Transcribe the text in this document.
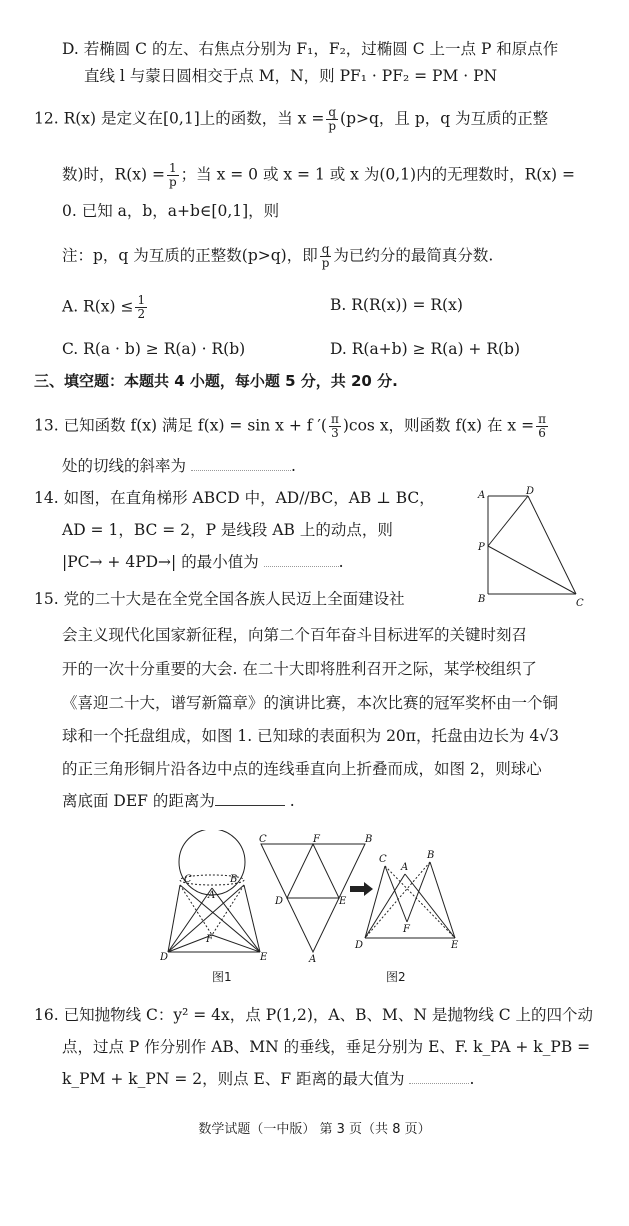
D. 若椭圆 C 的左、右焦点分别为 F₁，F₂，过椭圆 C 上一点 P 和原点作
直线 l 与蒙日圆相交于点 M，N，则 PF₁ · PF₂ = PM · PN
12. R(x) 是定义在[0,1]上的函数，当 $x = \frac{q}{p} (p>q$，且 p，q 为互质的正整
数)时，$R(x) = \frac{1}{p}$ ；当 x = 0 或 x = 1 或 x 为(0,1)内的无理数时，R(x) =
0. 已知 a，b，a+b∈[0,1]，则
注：p，q 为互质的正整数(p>q)，即 $\frac{q}{p}$ 为已约分的最简真分数.
A. $R(x) \le \frac{1}{2}$	B. R(R(x)) = R(x)
C. R(a · b) ≥ R(a) · R(b)	D. R(a+b) ≥ R(a) + R(b)
三、填空题：本题共 4 小题，每小题 5 分，共 20 分.
13. 已知函数 f(x) 满足 f(x) = sin x + f ′( $\frac{\pi}{3} )\cos$ x，则函数 f(x) 在 $x = \frac{\pi}{6}$
处的切线的斜率为	.
14. 如图，在直角梯形 ABCD 中，AD//BC，AB ⊥ BC，
AD = 1，BC = 2，P 是线段 AB 上的动点，则
|PC→ + 4PD→| 的最小值为	.
A	D
P
B	C
15. 党的二十大是在全党全国各族人民迈上全面建设社
会主义现代化国家新征程，向第二个百年奋斗目标进军的关键时刻召
开的一次十分重要的大会. 在二十大即将胜利召开之际，某学校组织了
《喜迎二十大，谱写新篇章》的演讲比赛，本次比赛的冠军奖杯由一个铜
球和一个托盘组成，如图 1. 已知球的表面积为 20π，托盘由边长为 4√3
的正三角形铜片沿各边中点的连线垂直向上折叠而成，如图 2，则球心
离底面 DEF 的距离为	.
C
A
B
F
D	E
图1
C	F	B
D	E
A
C
A
B
F
D	E
图2
16. 已知抛物线 C：y² = 4x，点 P(1,2)，A、B、M、N 是抛物线 C 上的四个动
点，过点 P 作分别作 AB、MN 的垂线，垂足分别为 E、F. k_PA + k_PB =
k_PM + k_PN = 2，则点 E、F 距离的最大值为	.
数学试题（一中版） 第 3 页（共 8 页）
